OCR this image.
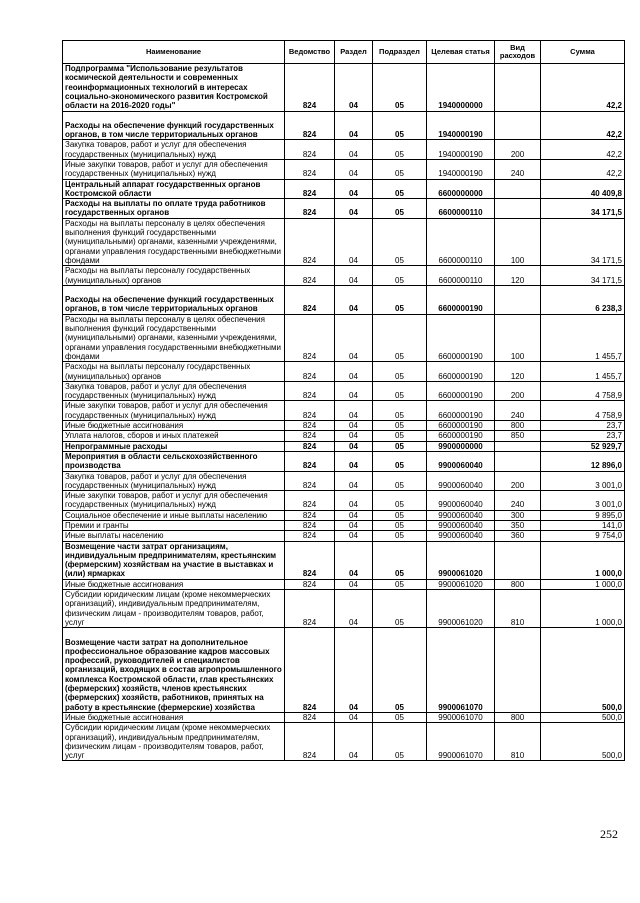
Наименование	Ведомство	Раздел	Подраздел	Целевая статья	Вид расходов	Сумма
Подпрограмма "Использование результатов космической деятельности и современных геоинформационных технологий в интересах социально-экономического развития Костромской области на 2016-2020 годы"	824	04	05	1940000000		42,2
Расходы на обеспечение функций государственных органов, в том числе территориальных органов	824	04	05	1940000190		42,2
Закупка товаров, работ и услуг для обеспечения государственных (муниципальных) нужд	824	04	05	1940000190	200	42,2
Иные закупки товаров, работ и услуг для обеспечения государственных (муниципальных) нужд	824	04	05	1940000190	240	42,2
Центральный аппарат государственных органов Костромской области	824	04	05	6600000000		40 409,8
Расходы на выплаты по оплате труда работников государственных органов	824	04	05	6600000110		34 171,5
Расходы на выплаты персоналу в целях обеспечения выполнения функций государственными (муниципальными) органами, казенными учреждениями, органами управления государственными внебюджетными фондами	824	04	05	6600000110	100	34 171,5
Расходы на выплаты персоналу государственных (муниципальных) органов	824	04	05	6600000110	120	34 171,5
Расходы на обеспечение функций государственных органов, в том числе территориальных органов	824	04	05	6600000190		6 238,3
Расходы на выплаты персоналу в целях обеспечения выполнения функций государственными (муниципальными) органами, казенными учреждениями, органами управления государственными внебюджетными фондами	824	04	05	6600000190	100	1 455,7
Расходы на выплаты персоналу государственных (муниципальных) органов	824	04	05	6600000190	120	1 455,7
Закупка товаров, работ и услуг для обеспечения государственных (муниципальных) нужд	824	04	05	6600000190	200	4 758,9
Иные закупки товаров, работ и услуг для обеспечения государственных (муниципальных) нужд	824	04	05	6600000190	240	4 758,9
Иные бюджетные ассигнования	824	04	05	6600000190	800	23,7
Уплата налогов, сборов и иных платежей	824	04	05	6600000190	850	23,7
Непрограммные расходы	824	04	05	9900000000		52 929,7
Мероприятия в области сельскохозяйственного производства	824	04	05	9900060040		12 896,0
Закупка товаров, работ и услуг для обеспечения государственных (муниципальных) нужд	824	04	05	9900060040	200	3 001,0
Иные закупки товаров, работ и услуг для обеспечения государственных (муниципальных) нужд	824	04	05	9900060040	240	3 001,0
Социальное обеспечение и иные выплаты населению	824	04	05	9900060040	300	9 895,0
Премии и гранты	824	04	05	9900060040	350	141,0
Иные выплаты населению	824	04	05	9900060040	360	9 754,0
Возмещение части затрат организациям, индивидуальным предпринимателям, крестьянским (фермерским) хозяйствам на участие в выставках и (или) ярмарках	824	04	05	9900061020		1 000,0
Иные бюджетные ассигнования	824	04	05	9900061020	800	1 000,0
Субсидии юридическим лицам (кроме некоммерческих организаций), индивидуальным предпринимателям, физическим лицам - производителям товаров, работ, услуг	824	04	05	9900061020	810	1 000,0
Возмещение части затрат на дополнительное профессиональное образование кадров массовых профессий, руководителей и специалистов организаций, входящих в состав агропромышленного комплекса Костромской области, глав крестьянских (фермерских) хозяйств, членов крестьянских (фермерских) хозяйств, работников, принятых на работу в крестьянские (фермерские) хозяйства	824	04	05	9900061070		500,0
Иные бюджетные ассигнования	824	04	05	9900061070	800	500,0
Субсидии юридическим лицам (кроме некоммерческих организаций), индивидуальным предпринимателям, физическим лицам - производителям товаров, работ, услуг	824	04	05	9900061070	810	500,0
252
